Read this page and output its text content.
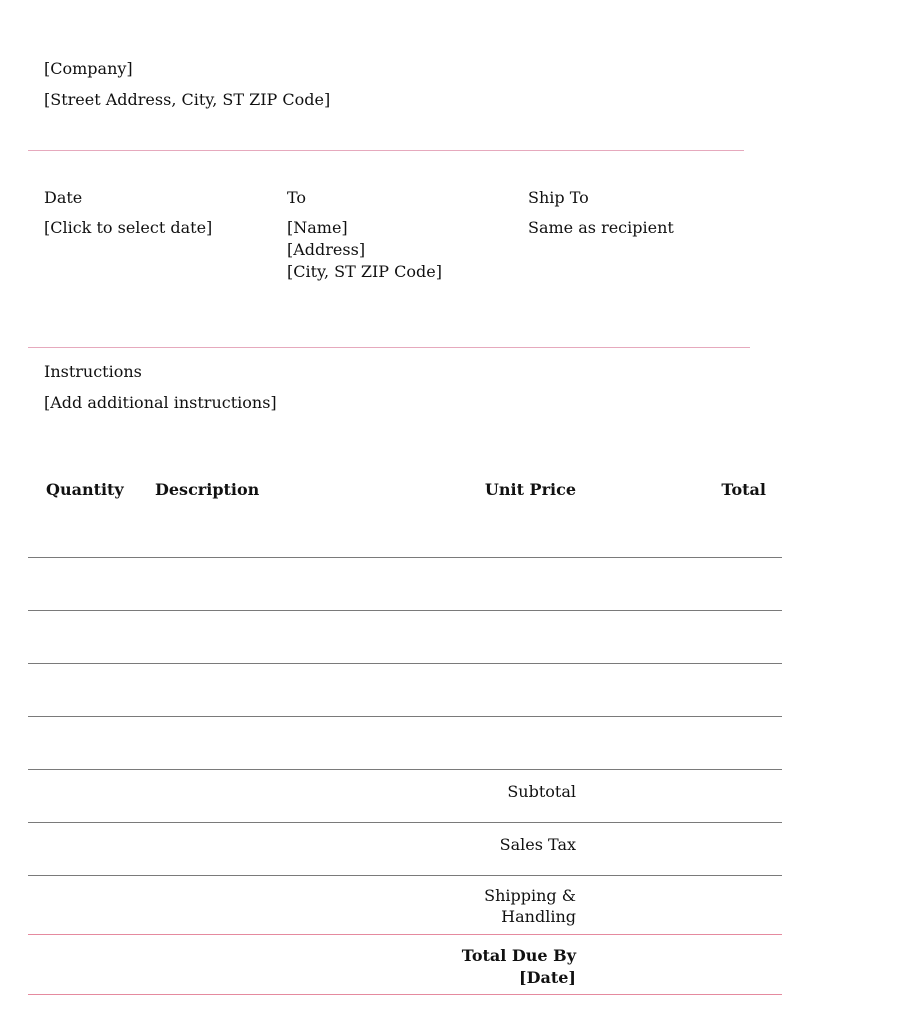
[Company]
[Street Address, City, ST ZIP Code]
Date
[Click to select date]
To
[Name]
[Address]
[City, ST ZIP Code]
Ship To
Same as recipient
Instructions
[Add additional instructions]
Quantity Description	Unit Price	Total
Subtotal
Sales Tax
Shipping &
Handling
Total Due By
[Date]
